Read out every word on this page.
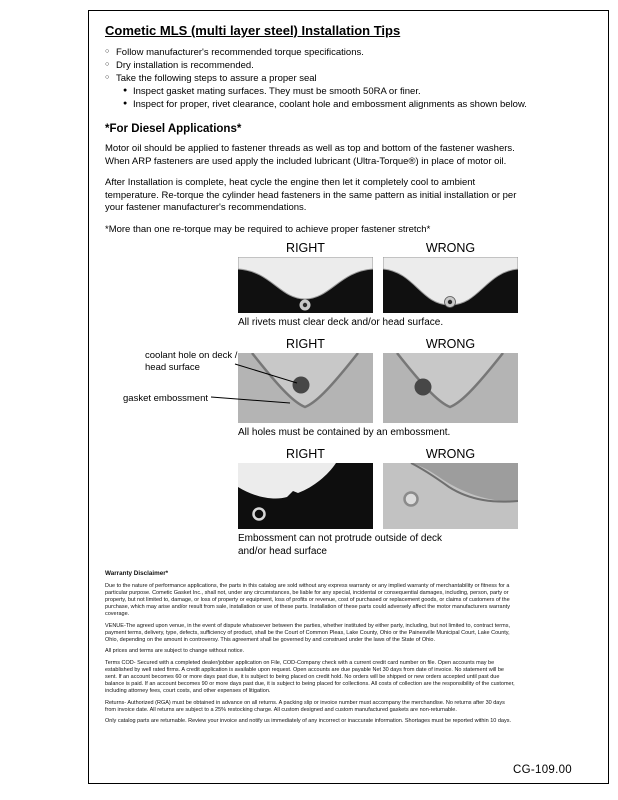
Cometic MLS (multi layer steel) Installation Tips
○ Follow manufacturer's recommended torque specifications.
○ Dry installation is recommended.
○ Take the following steps to assure a proper seal
● Inspect gasket mating surfaces. They must be smooth 50RA or finer.
● Inspect for proper, rivet clearance, coolant hole and embossment alignments as shown below.
*For Diesel Applications*

Motor oil should be applied to fastener threads as well as top and bottom of the fastener washers. When ARP fasteners are used apply the included lubricant (Ultra-Torque®) in place of motor oil.

After Installation is complete, heat cycle the engine then let it completely cool to ambient temperature. Re-torque the cylinder head fasteners in the same pattern as initial installation or per your fastener manufacturer's recommendations.

*More than one re-torque may be required to achieve proper fastener stretch*

RIGHT	WRONG

All rivets must clear deck and/or head surface.

coolant hole on deck / head surface
gasket embossment
RIGHT	WRONG

All holes must be contained by an embossment.

RIGHT	WRONG

Embossment can not protrude outside of deck and/or head surface

Warranty Disclaimer*

Due to the nature of performance applications, the parts in this catalog are sold without any express warranty or any implied warranty of merchantability or fitness for a particular purpose. Cometic Gasket Inc., shall not, under any circumstances, be liable for any special, incidental or consequential damages, including, person, party or property, but not limited to, damage, or loss of property or equipment, loss of profits or revenue, cost of purchased or replacement goods, or claims of customers of the purchase, which may arise and/or result from sale, installation or use of these parts. Installation of these parts could adversely affect the motor manufacturers warranty coverage.

VENUE-The agreed upon venue, in the event of dispute whatsoever between the parties, whether instituted by either party, including, but not limited to, contract terms, payment terms, delivery, type, defects, sufficiency of product, shall be the Court of Common Pleas, Lake County, Ohio or the Painesville Municipal Court, Lake County, Ohio, depending on the amount in controversy. This agreement shall be governed by and construed under the laws of the State of Ohio.

All prices and terms are subject to change without notice.

Terms COD- Secured with a completed dealer/jobber application on File, COD-Company check with a current credit card number on file. Open accounts may be established by well rated firms. A credit application is available upon request. Open accounts are due payable Net 30 days from date of invoice. No statement will be sent. If an account becomes 60 or more days past due, it is subject to being placed on credit hold. No orders will be shipped or new orders accepted until past due balance is paid. If an account becomes 90 or more days past due, it is subject to being placed for collections. All costs of collection are the responsibility of the customer, including attorney fees, court costs, and other expenses of litigation.

Returns- Authorized (RGA) must be obtained in advance on all returns. A packing slip or invoice number must accompany the merchandise. No returns after 30 days from invoice date. All returns are subject to a 25% restocking charge. All custom designed and custom manufactured gaskets are non-returnable.

Only catalog parts are returnable. Review your invoice and notify us immediately of any incorrect or inaccurate information. Shortages must be reported within 10 days.

CG-109.00
